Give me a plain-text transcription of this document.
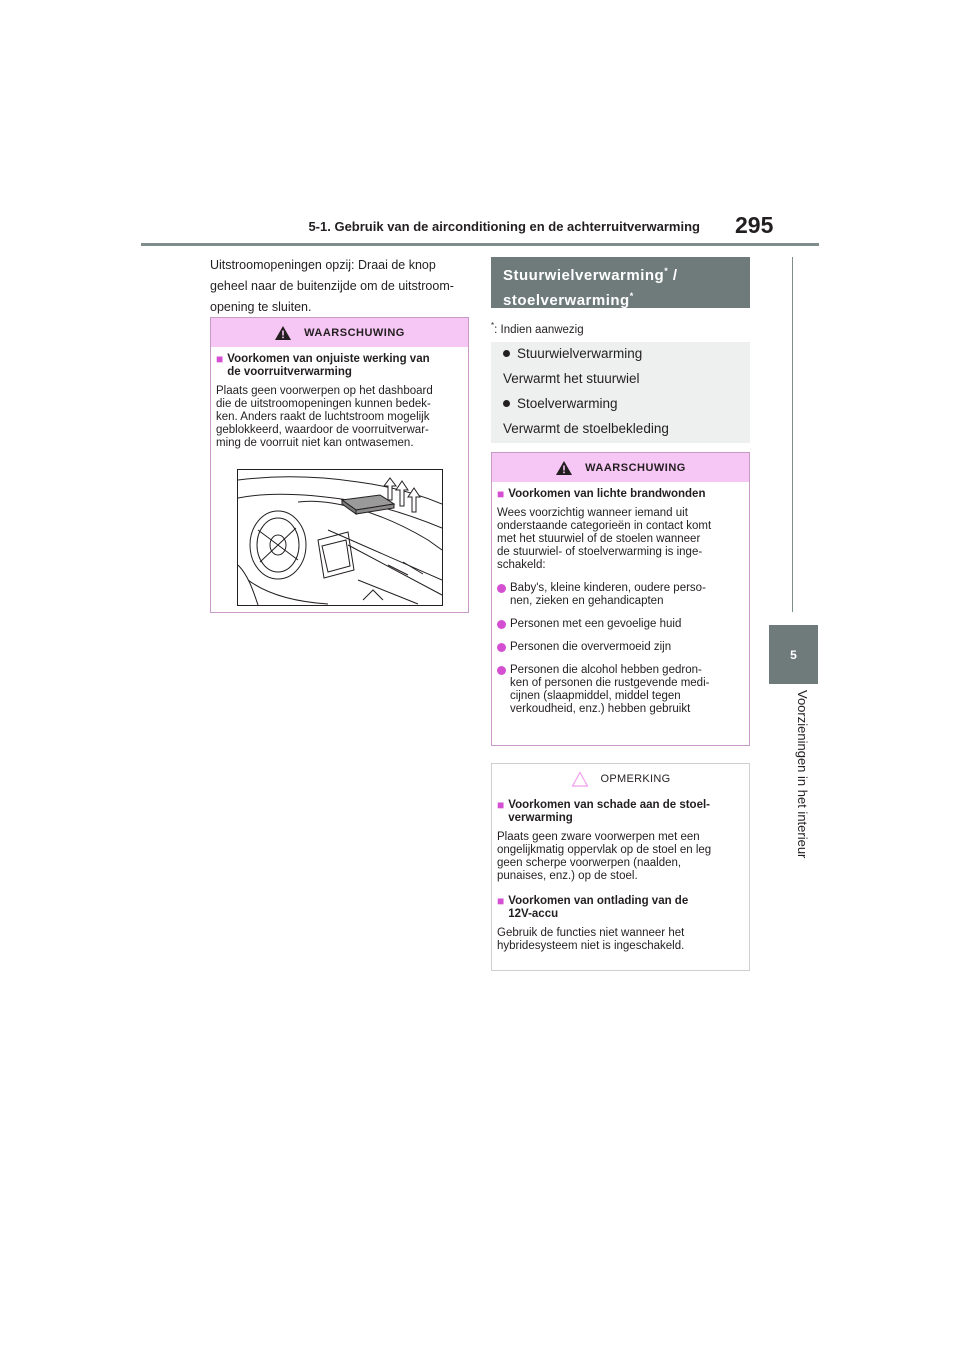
5-1. Gebruik van de airconditioning en de achterruitverwarming 295
5
Voorzieningen in het interieur
Uitstroomopeningen opzij: Draai de knop
geheel naar de buitenzijde om de uitstroom-
opening te sluiten.
WAARSCHUWING
■ Voorkomen van onjuiste werking van
de voorruitverwarming
Plaats geen voorwerpen op het dashboard
die de uitstroomopeningen kunnen bedek-
ken. Anders raakt de luchtstroom mogelijk
geblokkeerd, waardoor de voorruitverwar-
ming de voorruit niet kan ontwasemen.
Stuurwielverwarming* /
stoelverwarming*
*: Indien aanwezig
Stuurwielverwarming
Verwarmt het stuurwiel
Stoelverwarming
Verwarmt de stoelbekleding
WAARSCHUWING
■ Voorkomen van lichte brandwonden
Wees voorzichtig wanneer iemand uit
onderstaande categorieën in contact komt
met het stuurwiel of de stoelen wanneer
de stuurwiel- of stoelverwarming is inge-
schakeld:
Baby's, kleine kinderen, oudere perso-
nen, zieken en gehandicapten
Personen met een gevoelige huid
Personen die oververmoeid zijn
Personen die alcohol hebben gedron-
ken of personen die rustgevende medi-
cijnen (slaapmiddel, middel tegen
verkoudheid, enz.) hebben gebruikt
OPMERKING
■ Voorkomen van schade aan de stoel-
verwarming
Plaats geen zware voorwerpen met een
ongelijkmatig oppervlak op de stoel en leg
geen scherpe voorwerpen (naalden,
punaises, enz.) op de stoel.
■ Voorkomen van ontlading van de
12V-accu
Gebruik de functies niet wanneer het
hybridesysteem niet is ingeschakeld.
